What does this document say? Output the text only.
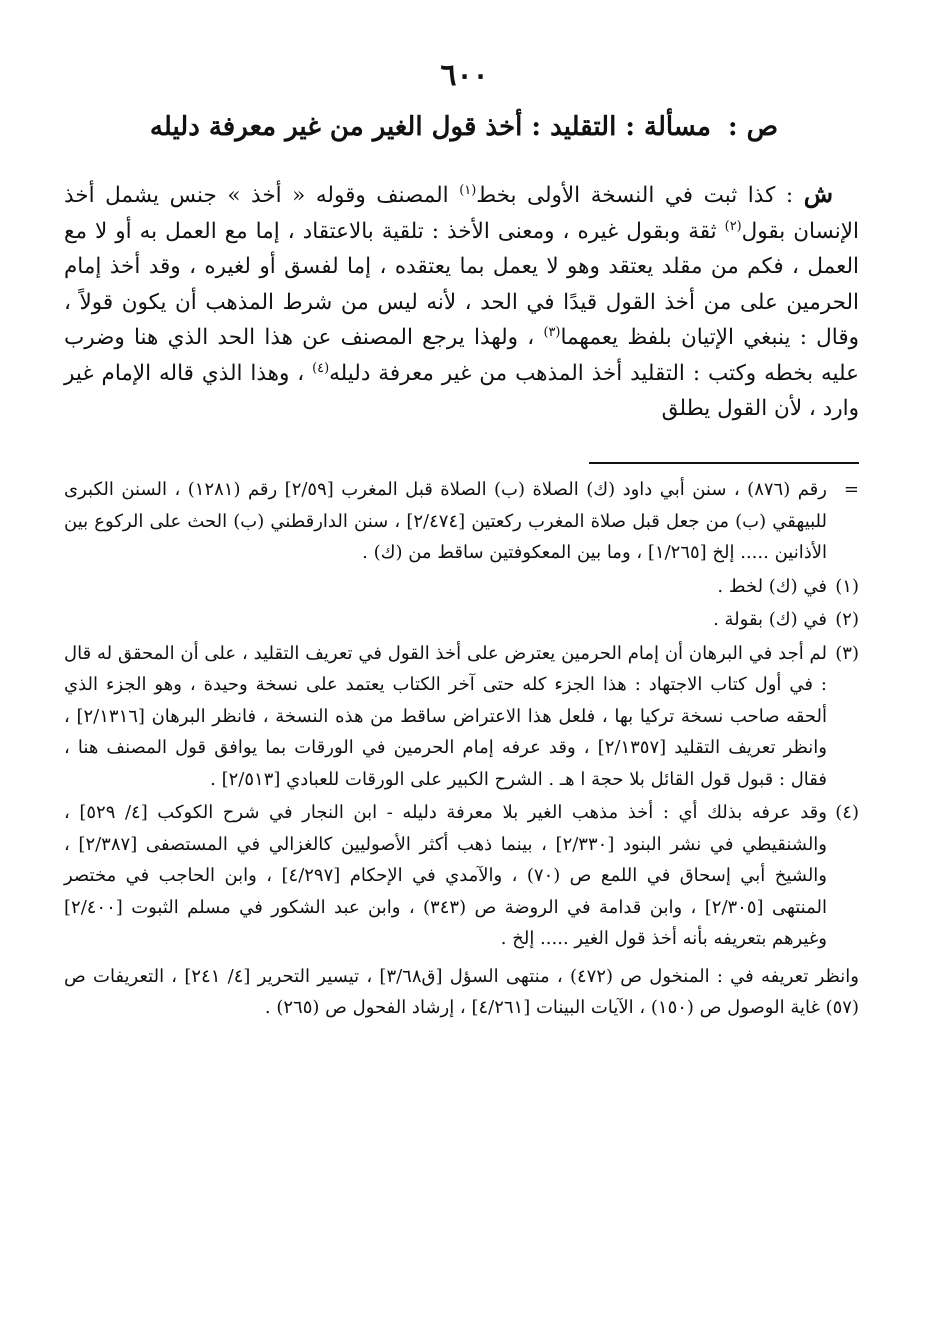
٦٠٠
ص : مسألة : التقليد : أخذ قول الغير من غير معرفة دليله

ش : كذا ثبت في النسخة الأولى بخط$^{(١)}$ المصنف وقوله « أخذ » جنس يشمل أخذ الإنسان بقول$^{(٢)}$ ثقة وبقول غيره ، ومعنى الأخذ : تلقية بالاعتقاد ، إما مع العمل به أو لا مع العمل ، فكم من مقلد يعتقد وهو لا يعمل بما يعتقده ، إما لفسق أو لغيره ، وقد أخذ إمام الحرمين على من أخذ القول قيدًا في الحد ، لأنه ليس من شرط المذهب أن يكون قولاً ، وقال : ينبغي الإتيان بلفظ يعمهما$^{(٣)}$ ، ولهذا يرجع المصنف عن هذا الحد الذي هنا وضرب عليه بخطه وكتب : التقليد أخذ المذهب من غير معرفة دليله$^{(٤)}$ ، وهذا الذي قاله الإمام غير وارد ، لأن القول يطلق

=
رقم (٨٧٦) ، سنن أبي داود (ك) الصلاة (ب) الصلاة قبل المغرب [٢/٥٩] رقم (١٢٨١) ، السنن الكبرى للبيهقي (ب) من جعل قبل صلاة المغرب ركعتين [٢/٤٧٤] ، سنن الدارقطني (ب) الحث على الركوع بين الأذانين ..... إلخ [١/٢٦٥] ، وما بين المعكوفتين ساقط من (ك) .
(١)
في (ك) لخط .
(٢)
في (ك) بقولة .
(٣)
لم أجد في البرهان أن إمام الحرمين يعترض على أخذ القول في تعريف التقليد ، على أن المحقق له قال : في أول كتاب الاجتهاد : هذا الجزء كله حتى آخر الكتاب يعتمد على نسخة وحيدة ، وهو الجزء الذي ألحقه صاحب نسخة تركيا بها ، فلعل هذا الاعتراض ساقط من هذه النسخة ، فانظر البرهان [٢/١٣١٦] ، وانظر تعريف التقليد [٢/١٣٥٧] ، وقد عرفه إمام الحرمين في الورقات بما يوافق قول المصنف هنا ، فقال : قبول قول القائل بلا حجة ا هـ . الشرح الكبير على الورقات للعبادي [٢/٥١٣] .
(٤)
وقد عرفه بذلك أي : أخذ مذهب الغير بلا معرفة دليله - ابن النجار في شرح الكوكب [٤/ ٥٢٩] ، والشنقيطي في نشر البنود [٢/٣٣٠] ، بينما ذهب أكثر الأصوليين كالغزالي في المستصفى [٢/٣٨٧] ، والشيخ أبي إسحاق في اللمع ص (٧٠) ، والآمدي في الإحكام [٤/٢٩٧] ، وابن الحاجب في مختصر المنتهى [٢/٣٠٥] ، وابن قدامة في الروضة ص (٣٤٣) ، وابن عبد الشكور في مسلم الثبوت [٢/٤٠٠] وغيرهم بتعريفه بأنه أخذ قول الغير ..... إلخ .
وانظر تعريفه في : المنخول ص (٤٧٢) ، منتهى السؤل [ق٣/٦٨] ، تيسير التحرير [٤/ ٢٤١] ، التعريفات ص (٥٧) غاية الوصول ص (١٥٠) ، الآيات البينات [٤/٢٦١] ، إرشاد الفحول ص (٢٦٥) .
